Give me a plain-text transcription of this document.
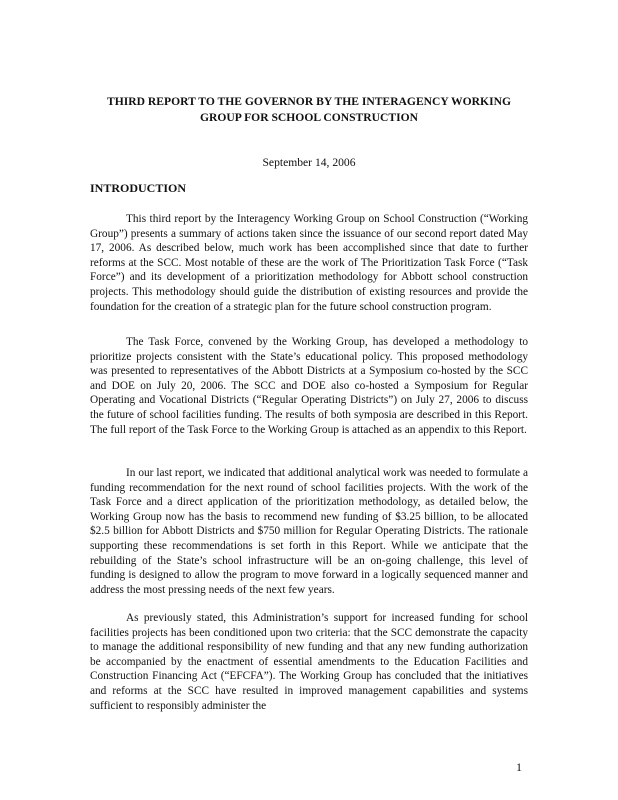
THIRD REPORT TO THE GOVERNOR BY THE INTERAGENCY WORKING GROUP FOR SCHOOL CONSTRUCTION
September 14, 2006
INTRODUCTION

This third report by the Interagency Working Group on School Construction (“Working Group”) presents a summary of actions taken since the issuance of our second report dated May 17, 2006. As described below, much work has been accomplished since that date to further reforms at the SCC. Most notable of these are the work of The Prioritization Task Force (“Task Force”) and its development of a prioritization methodology for Abbott school construction projects. This methodology should guide the distribution of existing resources and provide the foundation for the creation of a strategic plan for the future school construction program.

The Task Force, convened by the Working Group, has developed a methodology to prioritize projects consistent with the State’s educational policy. This proposed methodology was presented to representatives of the Abbott Districts at a Symposium co-hosted by the SCC and DOE on July 20, 2006. The SCC and DOE also co-hosted a Symposium for Regular Operating and Vocational Districts (“Regular Operating Districts”) on July 27, 2006 to discuss the future of school facilities funding. The results of both symposia are described in this Report. The full report of the Task Force to the Working Group is attached as an appendix to this Report.

In our last report, we indicated that additional analytical work was needed to formulate a funding recommendation for the next round of school facilities projects. With the work of the Task Force and a direct application of the prioritization methodology, as detailed below, the Working Group now has the basis to recommend new funding of $3.25 billion, to be allocated $2.5 billion for Abbott Districts and $750 million for Regular Operating Districts. The rationale supporting these recommendations is set forth in this Report. While we anticipate that the rebuilding of the State’s school infrastructure will be an on-going challenge, this level of funding is designed to allow the program to move forward in a logically sequenced manner and address the most pressing needs of the next few years.

As previously stated, this Administration’s support for increased funding for school facilities projects has been conditioned upon two criteria: that the SCC demonstrate the capacity to manage the additional responsibility of new funding and that any new funding authorization be accompanied by the enactment of essential amendments to the Education Facilities and Construction Financing Act (“EFCFA”). The Working Group has concluded that the initiatives and reforms at the SCC have resulted in improved management capabilities and systems sufficient to responsibly administer the

1
